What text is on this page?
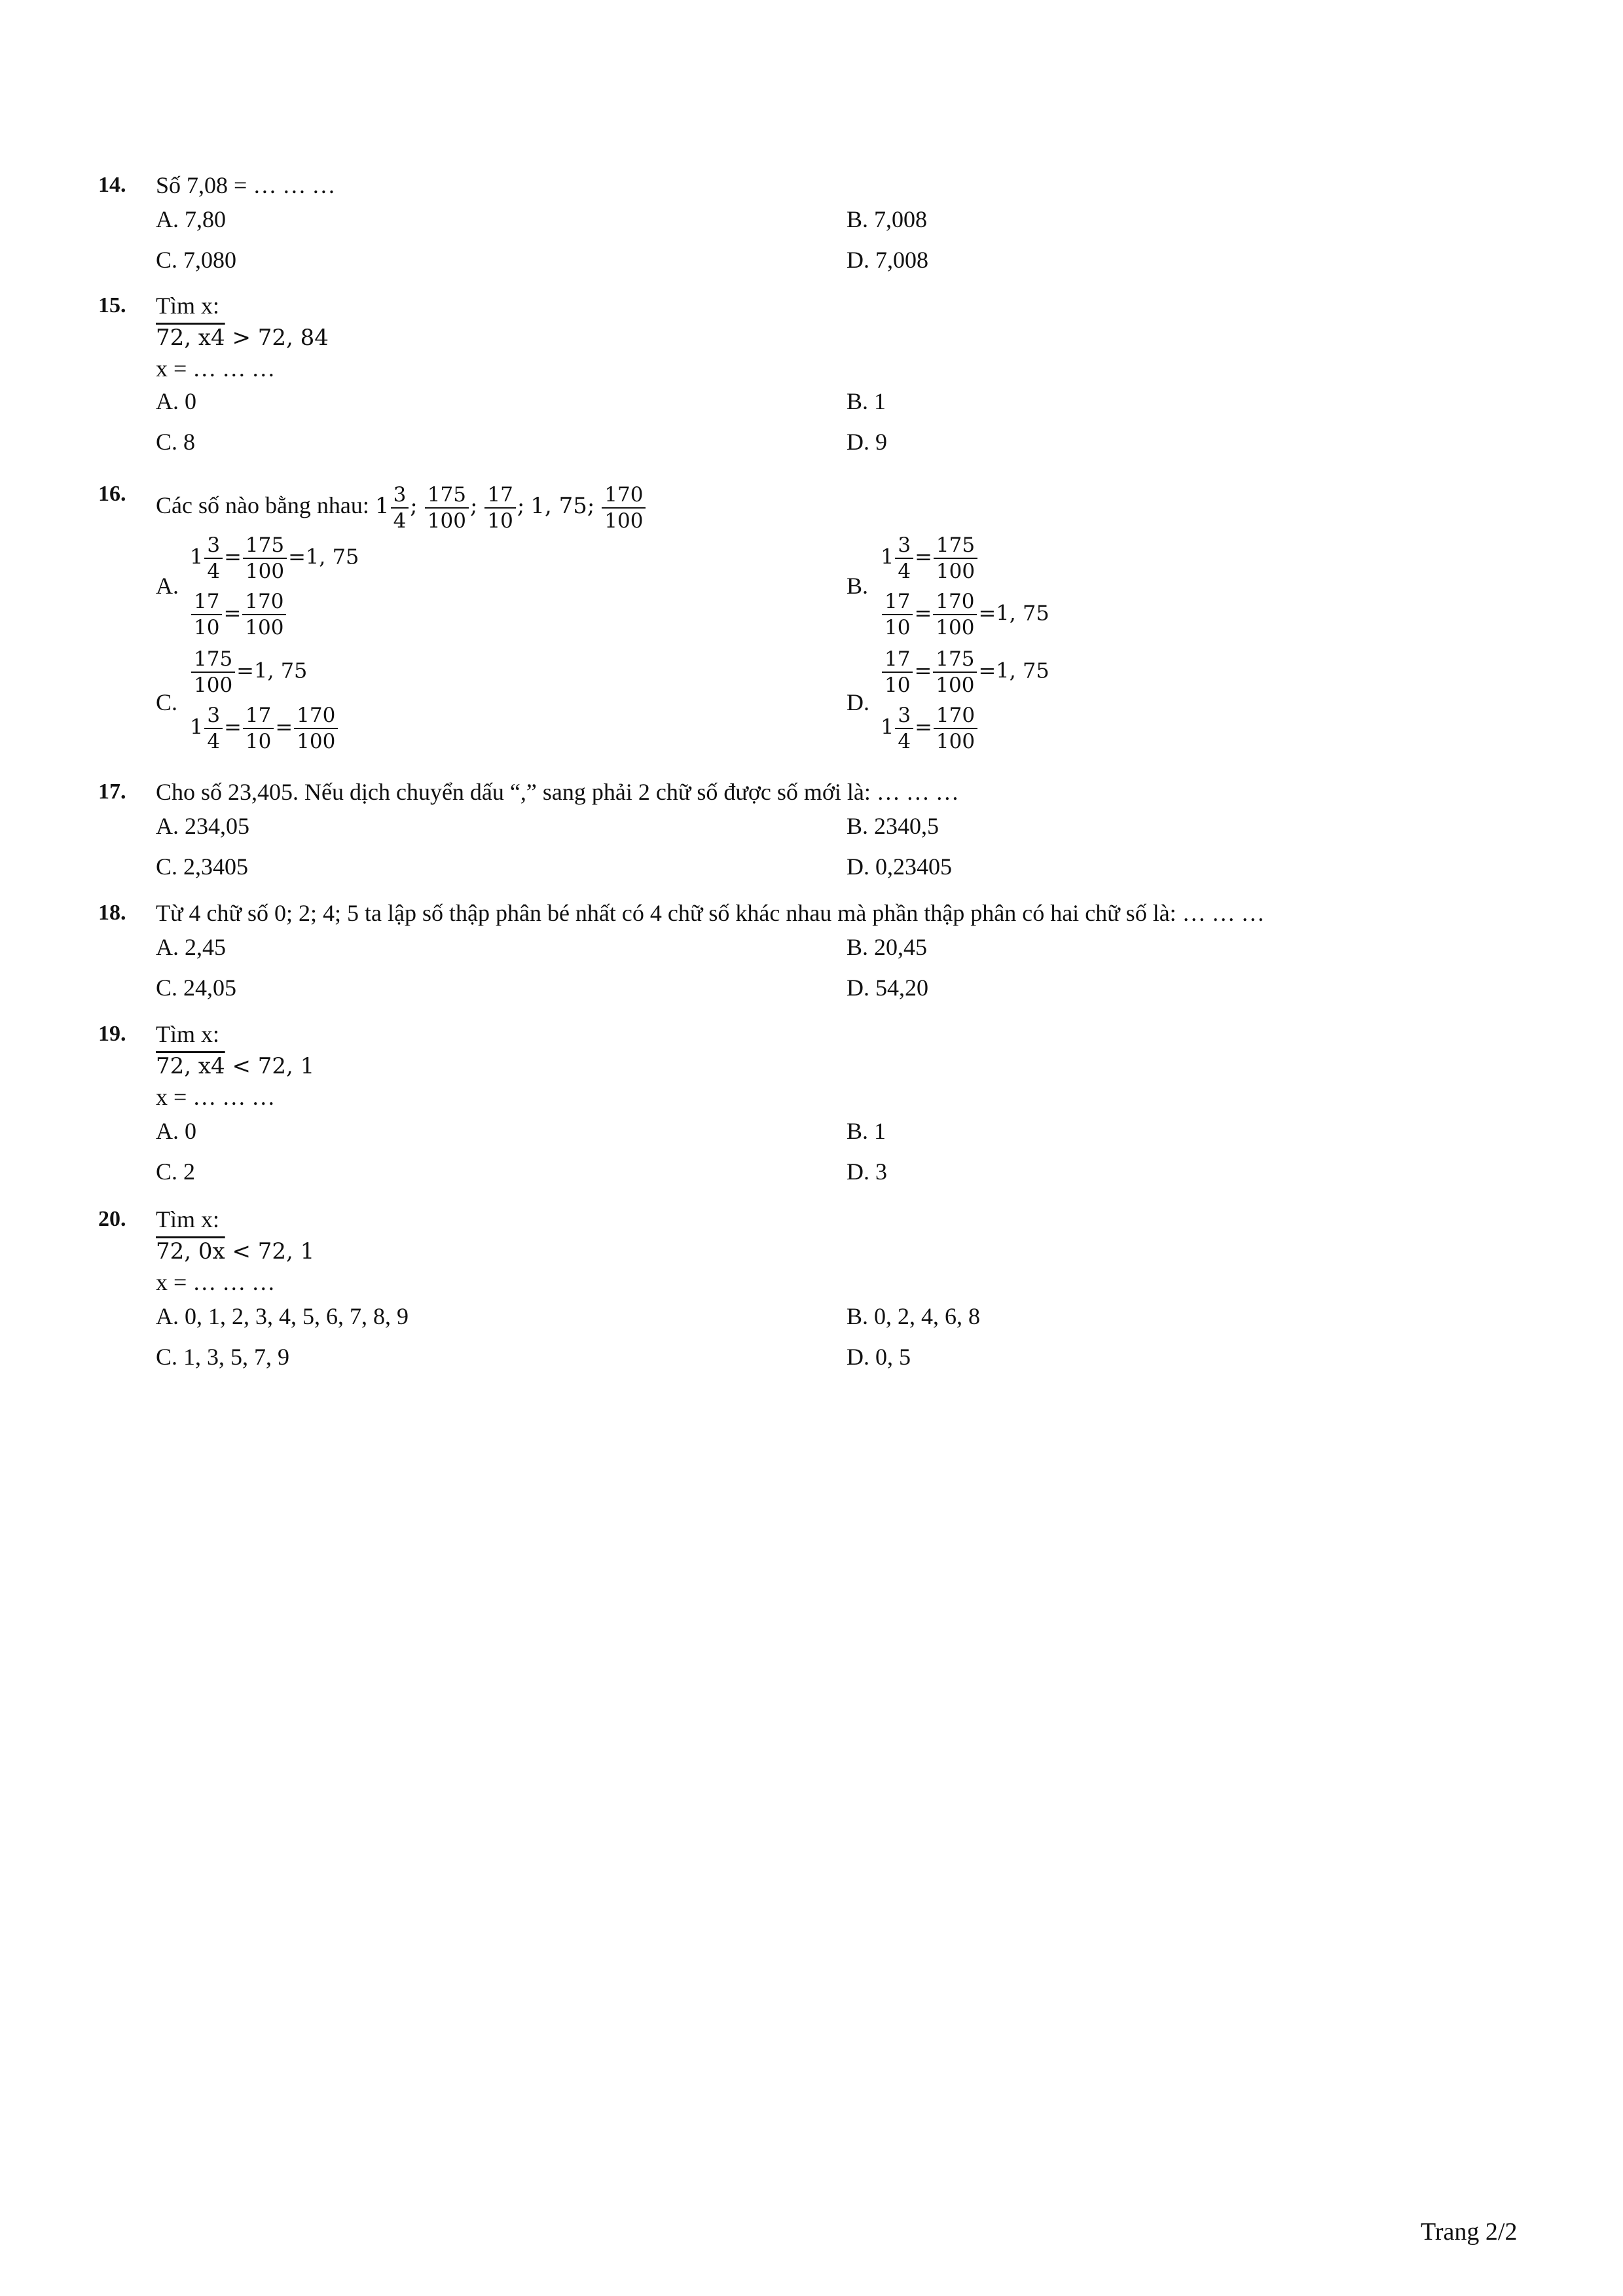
14. Số 7,08 = … … …
A. 7,80	B. 7,008
C. 7,080	D. 7,008
15. Tìm x:
72, x4 > 72, 84
x = … … …
A. 0	B. 1
C. 8	D. 9
16. Các số nào bằng nhau: $1 \frac{3}{4}$ ; $\frac{175}{100}$ ; $\frac{17}{10}$ ; 1, 75; $\frac{170}{100}$
A.
$1 \frac{3}{4} = \frac{175}{100} =1$, 75
$\frac{17}{10} = \frac{170}{100}$
B.
$1 \frac{3}{4} = \frac{175}{100}$
$\frac{17}{10} = \frac{170}{100} =1$, 75
C.
$\frac{175}{100} =1$, 75
$1 \frac{3}{4} = \frac{17}{10} = \frac{170}{100}$
D.
$\frac{17}{10} = \frac{175}{100} =1$, 75
$1 \frac{3}{4} = \frac{170}{100}$
17. Cho số 23,405. Nếu dịch chuyển dấu “,” sang phải 2 chữ số được số mới là: … … …
A. 234,05	B. 2340,5
C. 2,3405	D. 0,23405
18. Từ 4 chữ số 0; 2; 4; 5 ta lập số thập phân bé nhất có 4 chữ số khác nhau mà phần thập phân có hai chữ số là: … … …
A. 2,45	B. 20,45
C. 24,05	D. 54,20
19. Tìm x:
72, x4 < 72, 1
x = … … …
A. 0	B. 1
C. 2	D. 3
20. Tìm x:
72, 0x < 72, 1
x = … … …
A. 0, 1, 2, 3, 4, 5, 6, 7, 8, 9	B. 0, 2, 4, 6, 8
C. 1, 3, 5, 7, 9	D. 0, 5
Trang 2/2
